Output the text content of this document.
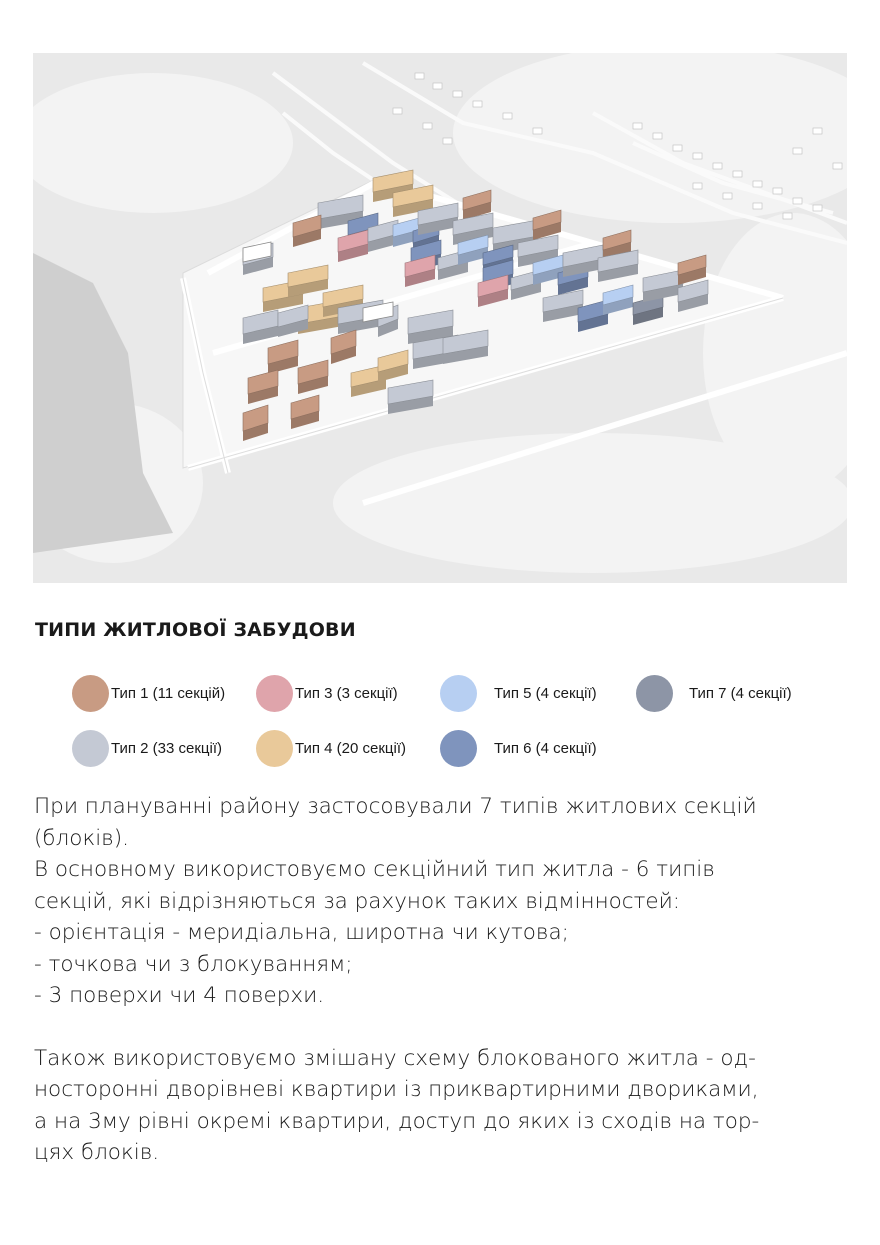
ТИПИ ЖИТЛОВОЇ ЗАБУДОВИ
Тип 1 (11 секцій)	Тип 3 (3 секції)	Тип 5 (4 секції)	Тип 7 (4 секції)
Тип 2 (33 секції)	Тип 4 (20 секції)	Тип 6 (4 секції)

При плануванні району застосовували 7 типів житлових секцій

(блоків).

В основному використовуємо секційний тип житла - 6 типів

секцій, які відрізняються за рахунок таких відмінностей:

- орієнтація - меридіальна, широтна чи кутова;

- точкова чи з блокуванням;

- 3 поверхи чи 4 поверхи.

Також використовуємо змішану схему блокованого житла - од-

носторонні дворівневі квартири із приквартирними двориками,

а на 3му рівні окремі квартири, доступ до яких із сходів на тор-

цях блоків.
